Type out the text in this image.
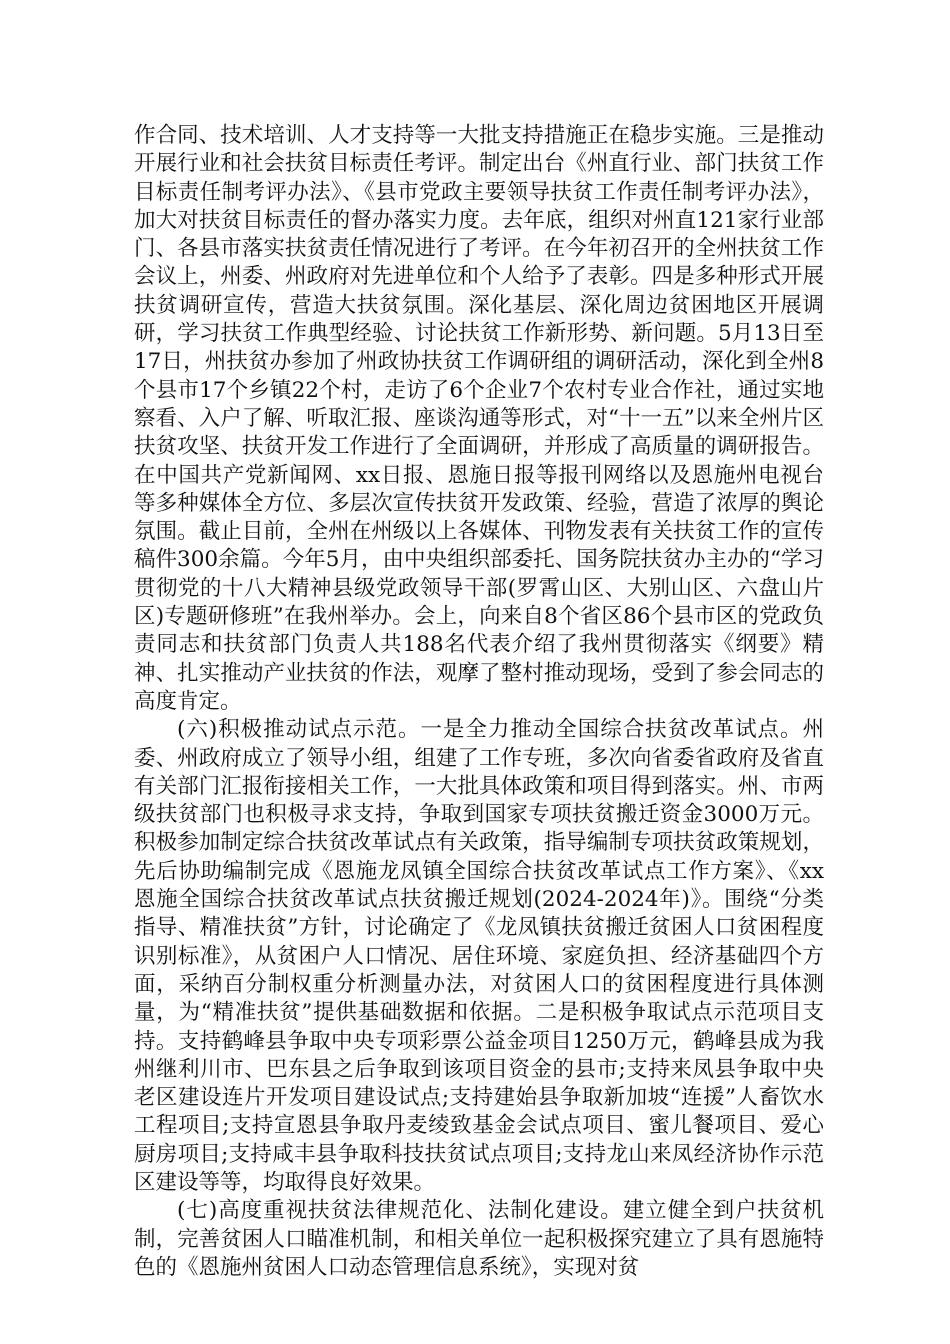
作合同、技术培训、人才支持等一大批支持措施正在稳步实施。三是推动开展行业和社会扶贫目标责任考评。制定出台《州直行业、部门扶贫工作目标责任制考评办法》、《县市党政主要领导扶贫工作责任制考评办法》，加大对扶贫目标责任的督办落实力度。去年底，组织对州直121家行业部门、各县市落实扶贫责任情况进行了考评。在今年初召开的全州扶贫工作会议上，州委、州政府对先进单位和个人给予了表彰。四是多种形式开展扶贫调研宣传，营造大扶贫氛围。深化基层、深化周边贫困地区开展调研，学习扶贫工作典型经验、讨论扶贫工作新形势、新问题。5月13日至17日，州扶贫办参加了州政协扶贫工作调研组的调研活动，深化到全州8个县市17个乡镇22个村，走访了6个企业7个农村专业合作社，通过实地察看、入户了解、听取汇报、座谈沟通等形式，对“十一五”以来全州片区扶贫攻坚、扶贫开发工作进行了全面调研，并形成了高质量的调研报告。在中国共产党新闻网、xx日报、恩施日报等报刊网络以及恩施州电视台等多种媒体全方位、多层次宣传扶贫开发政策、经验，营造了浓厚的舆论氛围。截止目前，全州在州级以上各媒体、刊物发表有关扶贫工作的宣传稿件300余篇。今年5月，由中央组织部委托、国务院扶贫办主办的“学习贯彻党的十八大精神县级党政领导干部(罗霄山区、大别山区、六盘山片区)专题研修班”在我州举办。会上，向来自8个省区86个县市区的党政负责同志和扶贫部门负责人共188名代表介绍了我州贯彻落实《纲要》精神、扎实推动产业扶贫的作法，观摩了整村推动现场，受到了参会同志的高度肯定。

(六)积极推动试点示范。一是全力推动全国综合扶贫改革试点。州委、州政府成立了领导小组，组建了工作专班，多次向省委省政府及省直有关部门汇报衔接相关工作，一大批具体政策和项目得到落实。州、市两级扶贫部门也积极寻求支持，争取到国家专项扶贫搬迁资金3000万元。积极参加制定综合扶贫改革试点有关政策，指导编制专项扶贫政策规划，先后协助编制完成《恩施龙凤镇全国综合扶贫改革试点工作方案》、《xx恩施全国综合扶贫改革试点扶贫搬迁规划(2024-2024年)》。围绕“分类指导、精准扶贫”方针，讨论确定了《龙凤镇扶贫搬迁贫困人口贫困程度识别标准》，从贫困户人口情况、居住环境、家庭负担、经济基础四个方面，采纳百分制权重分析测量办法，对贫困人口的贫困程度进行具体测量，为“精准扶贫”提供基础数据和依据。二是积极争取试点示范项目支持。支持鹤峰县争取中央专项彩票公益金项目1250万元，鹤峰县成为我州继利川市、巴东县之后争取到该项目资金的县市;支持来凤县争取中央老区建设连片开发项目建设试点;支持建始县争取新加坡“连援”人畜饮水工程项目;支持宣恩县争取丹麦绫致基金会试点项目、蜜儿餐项目、爱心厨房项目;支持咸丰县争取科技扶贫试点项目;支持龙山来凤经济协作示范区建设等等，均取得良好效果。

(七)高度重视扶贫法律规范化、法制化建设。建立健全到户扶贫机制，完善贫困人口瞄准机制，和相关单位一起积极探究建立了具有恩施特色的《恩施州贫困人口动态管理信息系统》，实现对贫
